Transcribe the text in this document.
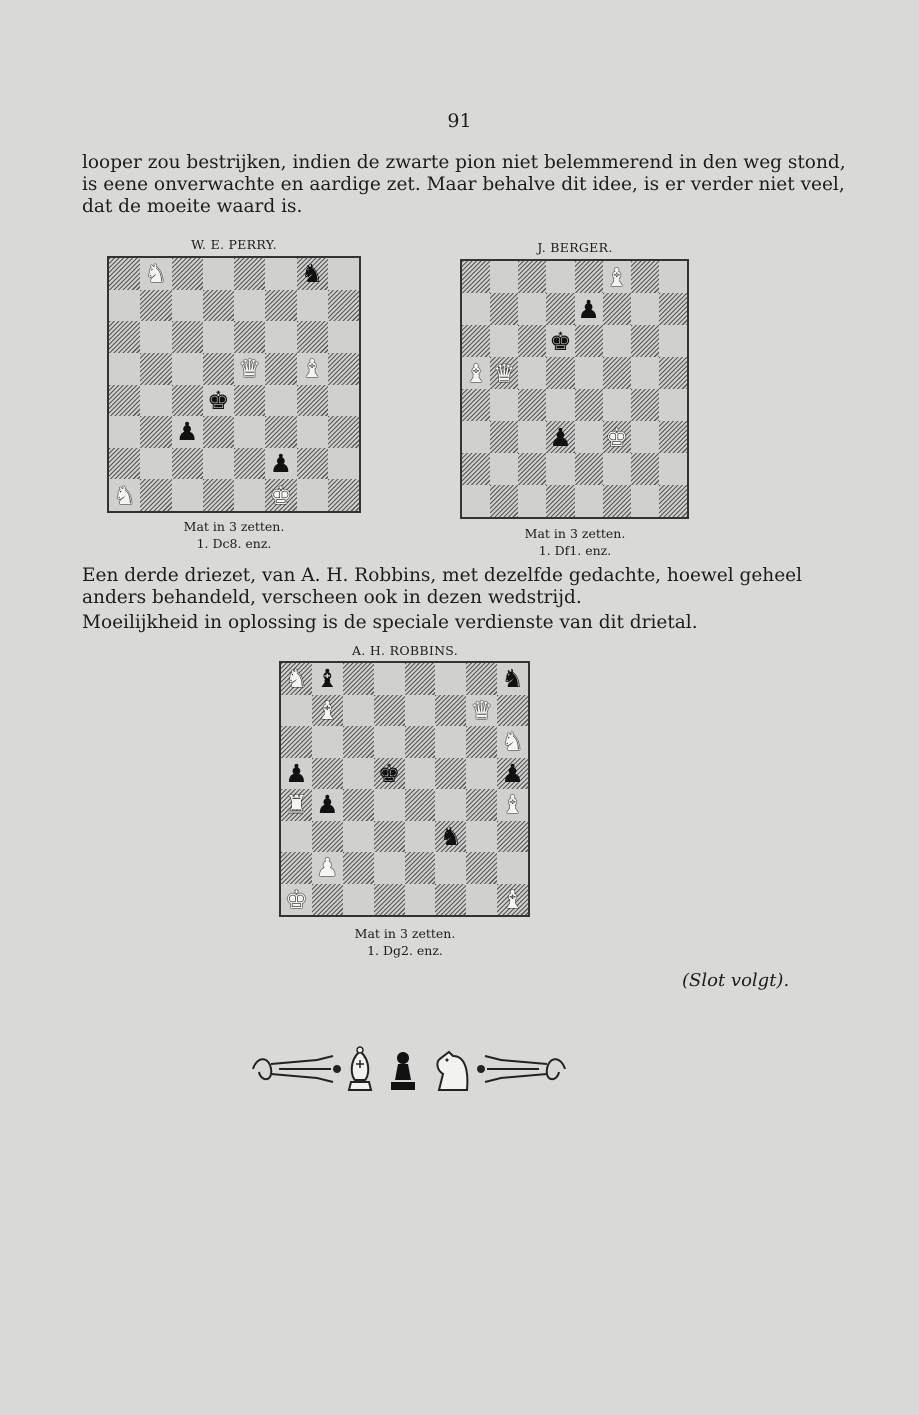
91

looper zou bestrijken, indien de zwarte pion niet belemmerend in den weg stond,
is eene onverwachte en aardige zet. Maar behalve dit idee, is er verder niet veel,
dat de moeite waard is.

W. E. PERRY.
♞	♞
♛ ♝
♚
♟
♟
♞	♚
Mat in 3 zetten.
1. Dc8. enz.
J. BERGER.
♝
♟
♚
♝ ♛
♟ ♚
Mat in 3 zetten.
1. Df1. enz.

Een derde driezet, van A. H. Robbins, met dezelfde gedachte, hoewel geheel
anders behandeld, verscheen ook in dezen wedstrijd.

Moeilijkheid in oplossing is de speciale verdienste van dit drietal.

A. H. ROBBINS.
♞ ♝	♞
♝	♛
♞
♟	♚	♟
♜ ♟	♝
♞
♟
♚	♝
Mat in 3 zetten.
1. Dg2. enz.
(Slot volgt).
